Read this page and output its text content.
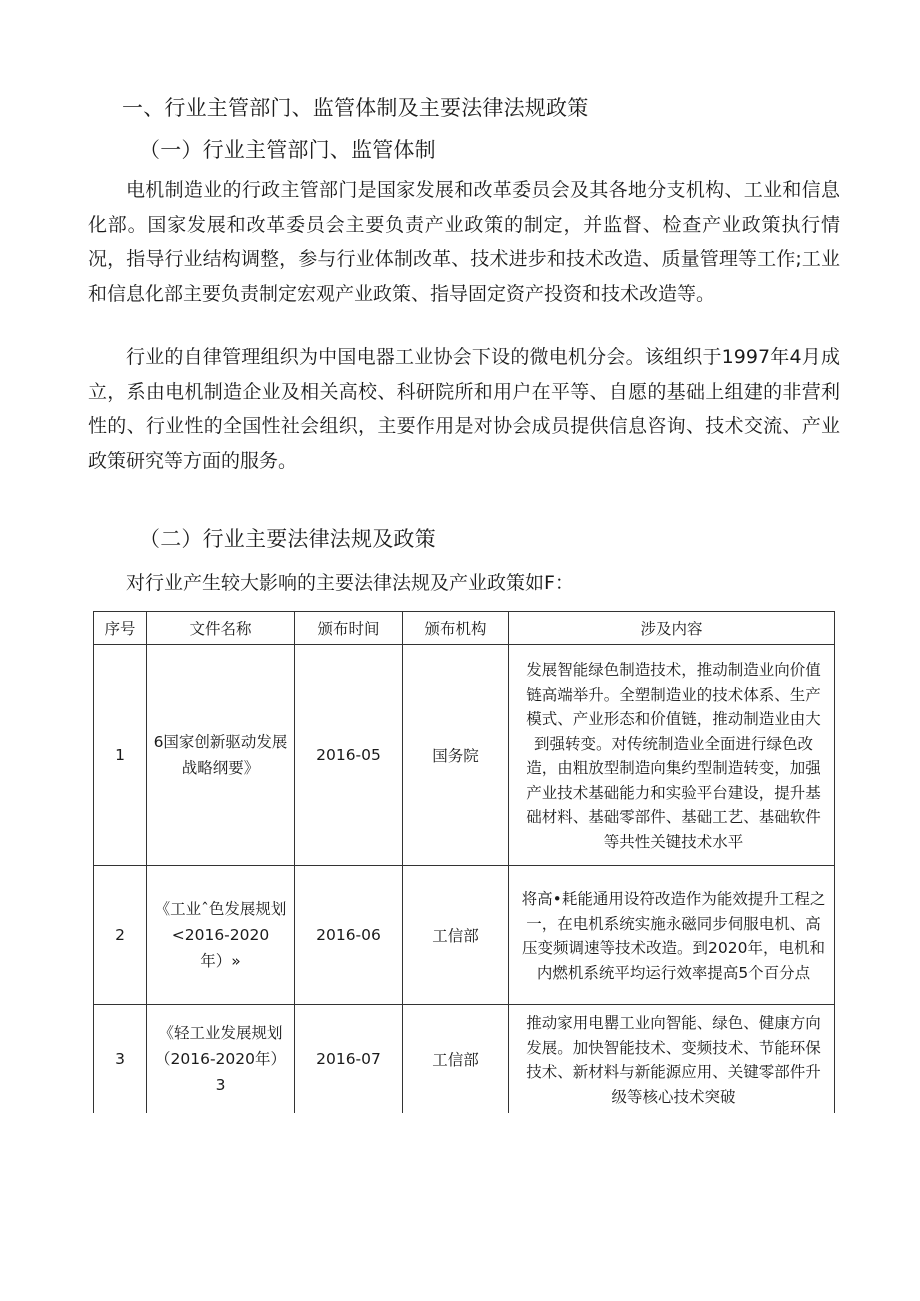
一、行业主管部门、监管体制及主要法律法规政策
（一）行业主管部门、监管体制
电机制造业的行政主管部门是国家发展和改革委员会及其各地分支机构、工业和信息化部。国家发展和改革委员会主要负责产业政策的制定，并监督、检查产业政策执行情况，指导行业结构调整，参与行业体制改革、技术进步和技术改造、质量管理等工作;工业和信息化部主要负责制定宏观产业政策、指导固定资产投资和技术改造等。
行业的自律管理组织为中国电器工业协会下设的微电机分会。该组织于1997年4月成立，系由电机制造企业及相关高校、科研院所和用户在平等、自愿的基础上组建的非营利性的、行业性的全国性社会组织，主要作用是对协会成员提供信息咨询、技术交流、产业政策研究等方面的服务。
（二）行业主要法律法规及政策
对行业产生较大影响的主要法律法规及产业政策如F：
序号	文件名称	颁布时间	颁布机构	涉及内容
1	6国家创新驱动发展战略纲要》	2016-05	国务院	发展智能绿色制造技术，推动制造业向价值链高端举升。全塑制造业的技术体系、生产模式、产业形态和价值链，推动制造业由大到强转变。对传统制造业全面进行绿色改造，由粗放型制造向集约型制造转变，加强产业技术基础能力和实验平台建设，提升基础材料、基础零部件、基础工艺、基础软件等共性关键技术水平
2	《工业ˆ色发展规划<2016-2020年）»	2016-06	工信部	将高•耗能通用设符改造作为能效提升工程之一，在电机系统实施永磁同步伺服电机、高压变频调速等技术改造。到2020年，电机和内燃机系统平均运行效率提高5个百分点
3	《轻工业发展规划（2016-2020年）3	2016-07	工信部	推动家用电罌工业向智能、绿色、健康方向发展。加快智能技术、变频技术、节能环保技术、新材料与新能源应用、关键零部件升级等核心技术突破
